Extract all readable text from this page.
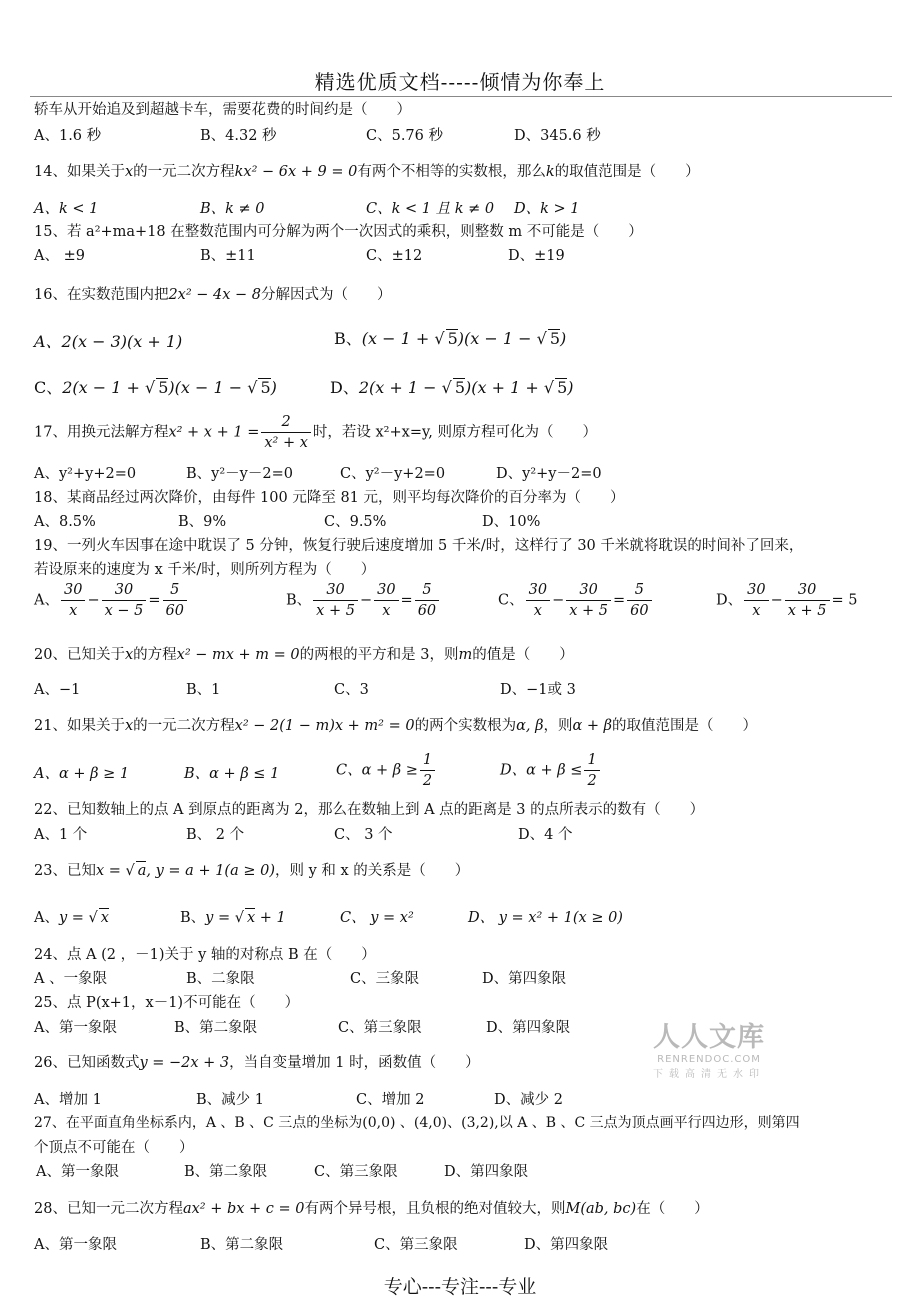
精选优质文档-----倾情为你奉上
轿车从开始追及到超越卡车，需要花费的时间约是（　　）
A、1.6 秒	B、4.32 秒	C、5.76 秒	D、345.6 秒
14、如果关于x的一元二次方程kx² − 6x + 9 = 0有两个不相等的实数根，那么k的取值范围是（　　）
A、k < 1	B、k ≠ 0	C、k < 1 且 k ≠ 0 D、k > 1
15、若 a²+ma+18 在整数范围内可分解为两个一次因式的乘积，则整数 m 不可能是（　　）
A、 ±9	B、±11	C、±12	D、±19
16、在实数范围内把2x² − 4x − 8分解因式为（　　）
A、2(x − 3)(x + 1)	B、(x − 1 + √ 5)(x − 1 − √ 5)
C、2(x − 1 + √ 5)(x − 1 − √ 5)	D、2(x + 1 − √ 5)(x + 1 + √ 5)
17、用换元法解方程$x^2 + x + 1 = \frac{2}{\text{x² + x}}$ 时，若设 x²+x=y, 则原方程可化为（　　）
A、y²+y+2=0	B、y²－y－2=0	C、y²－y+2=0	D、y²+y－2=0
18、某商品经过两次降价，由每件 100 元降至 81 元，则平均每次降价的百分率为（　　）
A、8.5%	B、9%	C、9.5%	D、10%
19、一列火车因事在途中耽误了 5 分钟，恢复行驶后速度增加 5 千米/时，这样行了 30 千米就将耽误的时间补了回来，
若设原来的速度为 x 千米/时，则所列方程为（　　）
A、 $\frac{30}{x} - \frac{30}{x - 5} = \frac{5}{60}$	B、 $\frac{30}{x + 5} - \frac{30}{x} = \frac{5}{60}$	C、 $\frac{30}{x} - \frac{30}{x + 5} = \frac{5}{60}$	D、 $\frac{30}{x} - \frac{30}{x + 5} = 5$
20、已知关于x的方程x² − mx + m = 0的两根的平方和是 3，则m的值是（　　）
A、−1	B、1	C、3	D、−1或 3
21、如果关于x的一元二次方程x² − 2(1 − m)x + m² = 0的两个实数根为α, β，则α + β的取值范围是（　　）
A、α + β ≥ 1	B、α + β ≤ 1	C、$\alpha + \beta \ge \frac{1}{2}$	D、$\alpha + \beta \le \frac{1}{2}$
22、已知数轴上的点 A 到原点的距离为 2，那么在数轴上到 A 点的距离是 3 的点所表示的数有（　　）
A、1 个	B、 2 个	C、 3 个	D、4 个
23、已知x = √ a, y = a + 1(a ≥ 0)，则 y 和 x 的关系是（　　）
A、y = √ x	B、y = √ x + 1	C、 y = x²	D、 y = x² + 1(x ≥ 0)
24、点 A (2 ，－1)关于 y 轴的对称点 B 在（　　）
A 、一象限	B、二象限	C、三象限	D、第四象限
25、点 P(x+1，x－1)不可能在（　　）
A、第一象限	B、第二象限	C、第三象限	D、第四象限	人人文库
RENRENDOC.COM
下载高清无水印
26、已知函数式y = −2x + 3，当自变量增加 1 时，函数值（　　）
A、增加 1	B、减少 1	C、增加 2	D、减少 2
27、在平面直角坐标系内，A 、B 、C 三点的坐标为(0,0) 、(4,0)、(3,2),以 A 、B 、C 三点为顶点画平行四边形，则第四
个顶点不可能在（　　）
A、第一象限	B、第二象限	C、第三象限	D、第四象限
28、已知一元二次方程ax² + bx + c = 0有两个异号根，且负根的绝对值较大，则M(ab, bc)在（　　）
A、第一象限	B、第二象限	C、第三象限	D、第四象限
专心---专注---专业
